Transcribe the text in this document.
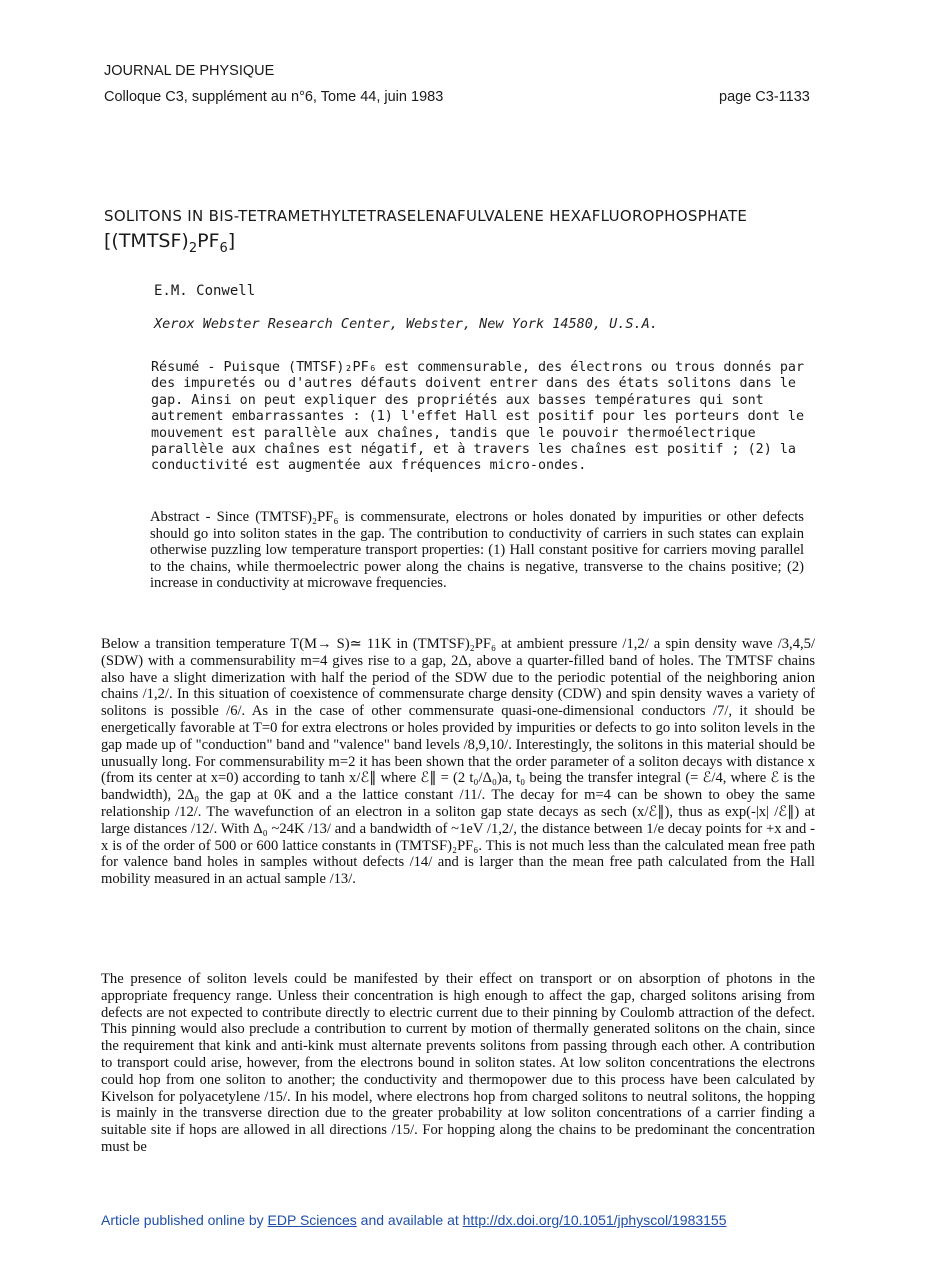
JOURNAL DE PHYSIQUE
Colloque C3, supplément au n°6, Tome 44, juin 1983	page C3-1133
SOLITONS IN BIS-TETRAMETHYLTETRASELENAFULVALENE HEXAFLUOROPHOSPHATE
$[(TMTSF)_2PF_6]$
E.M. Conwell
Xerox Webster Research Center, Webster, New York 14580, U.S.A.
Résumé - Puisque (TMTSF)₂PF₆ est commensurable, des électrons ou trous donnés par des impuretés ou d'autres défauts doivent entrer dans des états solitons dans le gap. Ainsi on peut expliquer des propriétés aux basses températures qui sont autrement embarrassantes : (1) l'effet Hall est positif pour les porteurs dont le mouvement est parallèle aux chaînes, tandis que le pouvoir thermoélectrique parallèle aux chaînes est négatif, et à travers les chaînes est positif ; (2) la conductivité est augmentée aux fréquences micro-ondes.
Abstract - Since (TMTSF)₂PF₆ is commensurate, electrons or holes donated by impurities or other defects should go into soliton states in the gap. The contribution to conductivity of carriers in such states can explain otherwise puzzling low temperature transport properties: (1) Hall constant positive for carriers moving parallel to the chains, while thermoelectric power along the chains is negative, transverse to the chains positive; (2) increase in conductivity at microwave frequencies.
Below a transition temperature T(M→ S)≃ 11K in (TMTSF)₂PF₆ at ambient pressure /1,2/ a spin density wave /3,4,5/ (SDW) with a commensurability m=4 gives rise to a gap, 2Δ, above a quarter-filled band of holes. The TMTSF chains also have a slight dimerization with half the period of the SDW due to the periodic potential of the neighboring anion chains /1,2/. In this situation of coexistence of commensurate charge density (CDW) and spin density waves a variety of solitons is possible /6/. As in the case of other commensurate quasi-one-dimensional conductors /7/, it should be energetically favorable at T=0 for extra electrons or holes provided by impurities or defects to go into soliton levels in the gap made up of "conduction" band and "valence" band levels /8,9,10/. Interestingly, the solitons in this material should be unusually long. For commensurability m=2 it has been shown that the order parameter of a soliton decays with distance x (from its center at x=0) according to tanh x/ℰ∥ where ℰ∥ = (2 t₀/Δ₀)a, t₀ being the transfer integral (= ℰ/4, where ℰ is the bandwidth), 2Δ₀ the gap at 0K and a the lattice constant /11/. The decay for m=4 can be shown to obey the same relationship /12/. The wavefunction of an electron in a soliton gap state decays as sech (x/ℰ∥), thus as exp(-|x| /ℰ∥) at large distances /12/. With Δ₀ ~24K /13/ and a bandwidth of ~1eV /1,2/, the distance between 1/e decay points for +x and -x is of the order of 500 or 600 lattice constants in (TMTSF)₂PF₆. This is not much less than the calculated mean free path for valence band holes in samples without defects /14/ and is larger than the mean free path calculated from the Hall mobility measured in an actual sample /13/.
The presence of soliton levels could be manifested by their effect on transport or on absorption of photons in the appropriate frequency range. Unless their concentration is high enough to affect the gap, charged solitons arising from defects are not expected to contribute directly to electric current due to their pinning by Coulomb attraction of the defect. This pinning would also preclude a contribution to current by motion of thermally generated solitons on the chain, since the requirement that kink and anti-kink must alternate prevents solitons from passing through each other. A contribution to transport could arise, however, from the electrons bound in soliton states. At low soliton concentrations the electrons could hop from one soliton to another; the conductivity and thermopower due to this process have been calculated by Kivelson for polyacetylene /15/. In his model, where electrons hop from charged solitons to neutral solitons, the hopping is mainly in the transverse direction due to the greater probability at low soliton concentrations of a carrier finding a suitable site if hops are allowed in all directions /15/. For hopping along the chains to be predominant the concentration must be
Article published online by EDP Sciences and available at http://dx.doi.org/10.1051/jphyscol/1983155
